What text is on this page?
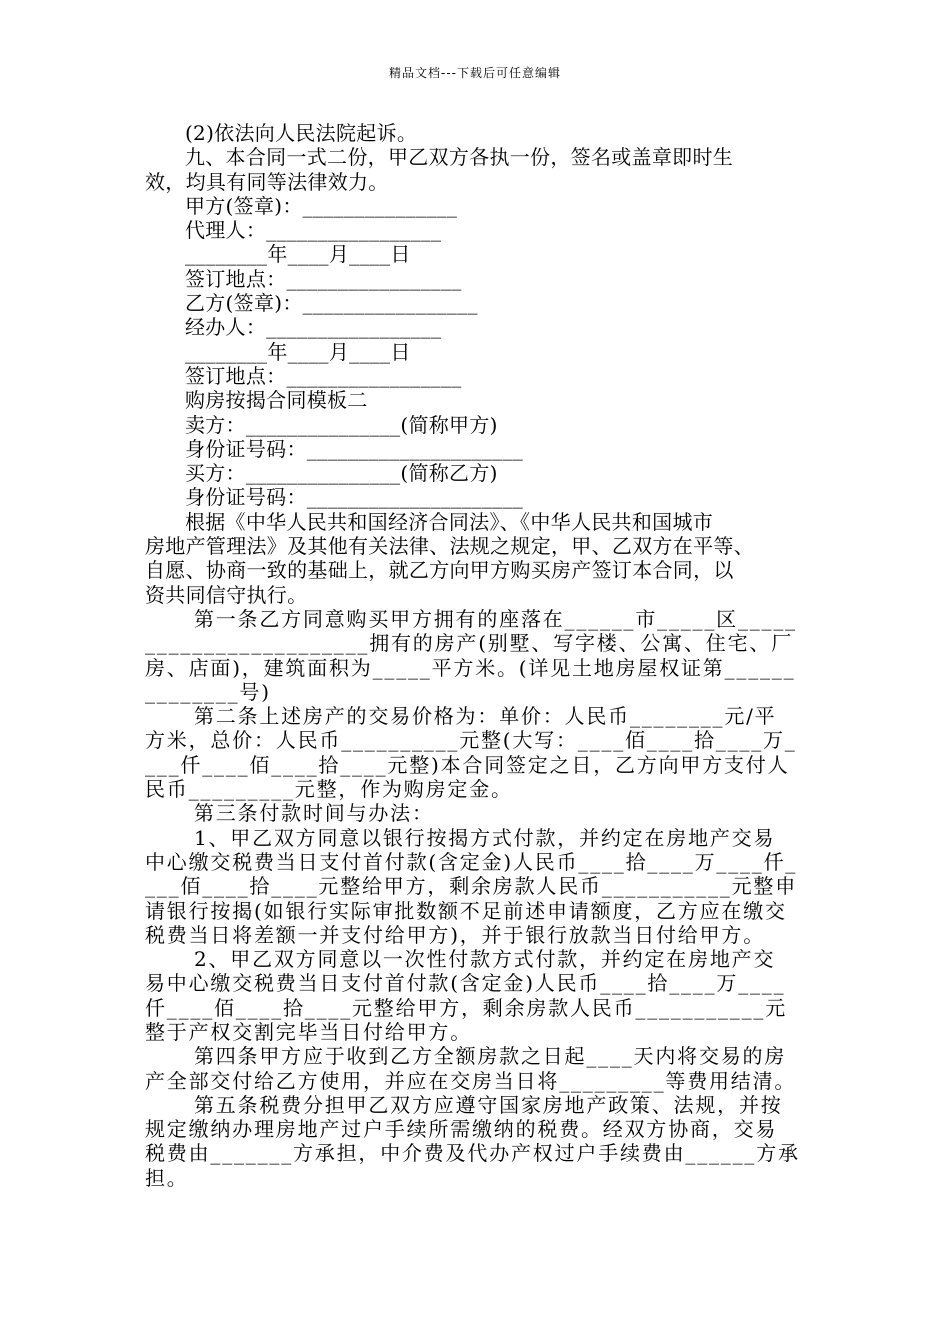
精品文档---下载后可任意编辑
(2)依法向人民法院起诉。
九、本合同一式二份，甲乙双方各执一份，签名或盖章即时生
效，均具有同等法律效力。
甲方(签章)：_______________
代理人：_________________
________年____月____日
签订地点：_________________
乙方(签章)：_________________
经办人：_________________
________年____月____日
签订地点：_________________
购房按揭合同模板二
卖方：_______________(简称甲方)
身份证号码：_____________________
买方：_______________(简称乙方)
身份证号码：_____________________
根据《中华人民共和国经济合同法》、《中华人民共和国城市
房地产管理法》及其他有关法律、法规之规定，甲、乙双方在平等、
自愿、协商一致的基础上，就乙方向甲方购买房产签订本合同，以
资共同信守执行。
第一条乙方同意购买甲方拥有的座落在______市_____区_____
___________________拥有的房产(别墅、写字楼、公寓、住宅、厂
房、店面)，建筑面积为_____平方米。(详见土地房屋权证第______
________号)
第二条上述房产的交易价格为：单价：人民币________元/平
方米，总价：人民币__________元整(大写：____佰____拾____万_
___仟____佰____拾____元整)本合同签定之日，乙方向甲方支付人
民币_________元整，作为购房定金。
第三条付款时间与办法：
1、甲乙双方同意以银行按揭方式付款，并约定在房地产交易
中心缴交税费当日支付首付款(含定金)人民币____拾____万____仟_
___佰____拾____元整给甲方，剩余房款人民币___________元整申
请银行按揭(如银行实际审批数额不足前述申请额度，乙方应在缴交
税费当日将差额一并支付给甲方)，并于银行放款当日付给甲方。
2、甲乙双方同意以一次性付款方式付款，并约定在房地产交
易中心缴交税费当日支付首付款(含定金)人民币____拾____万____
仟____佰____拾____元整给甲方，剩余房款人民币___________元
整于产权交割完毕当日付给甲方。
第四条甲方应于收到乙方全额房款之日起____天内将交易的房
产全部交付给乙方使用，并应在交房当日将_________等费用结清。
第五条税费分担甲乙双方应遵守国家房地产政策、法规，并按
规定缴纳办理房地产过户手续所需缴纳的税费。经双方协商，交易
税费由_______方承担，中介费及代办产权过户手续费由______方承
担。
